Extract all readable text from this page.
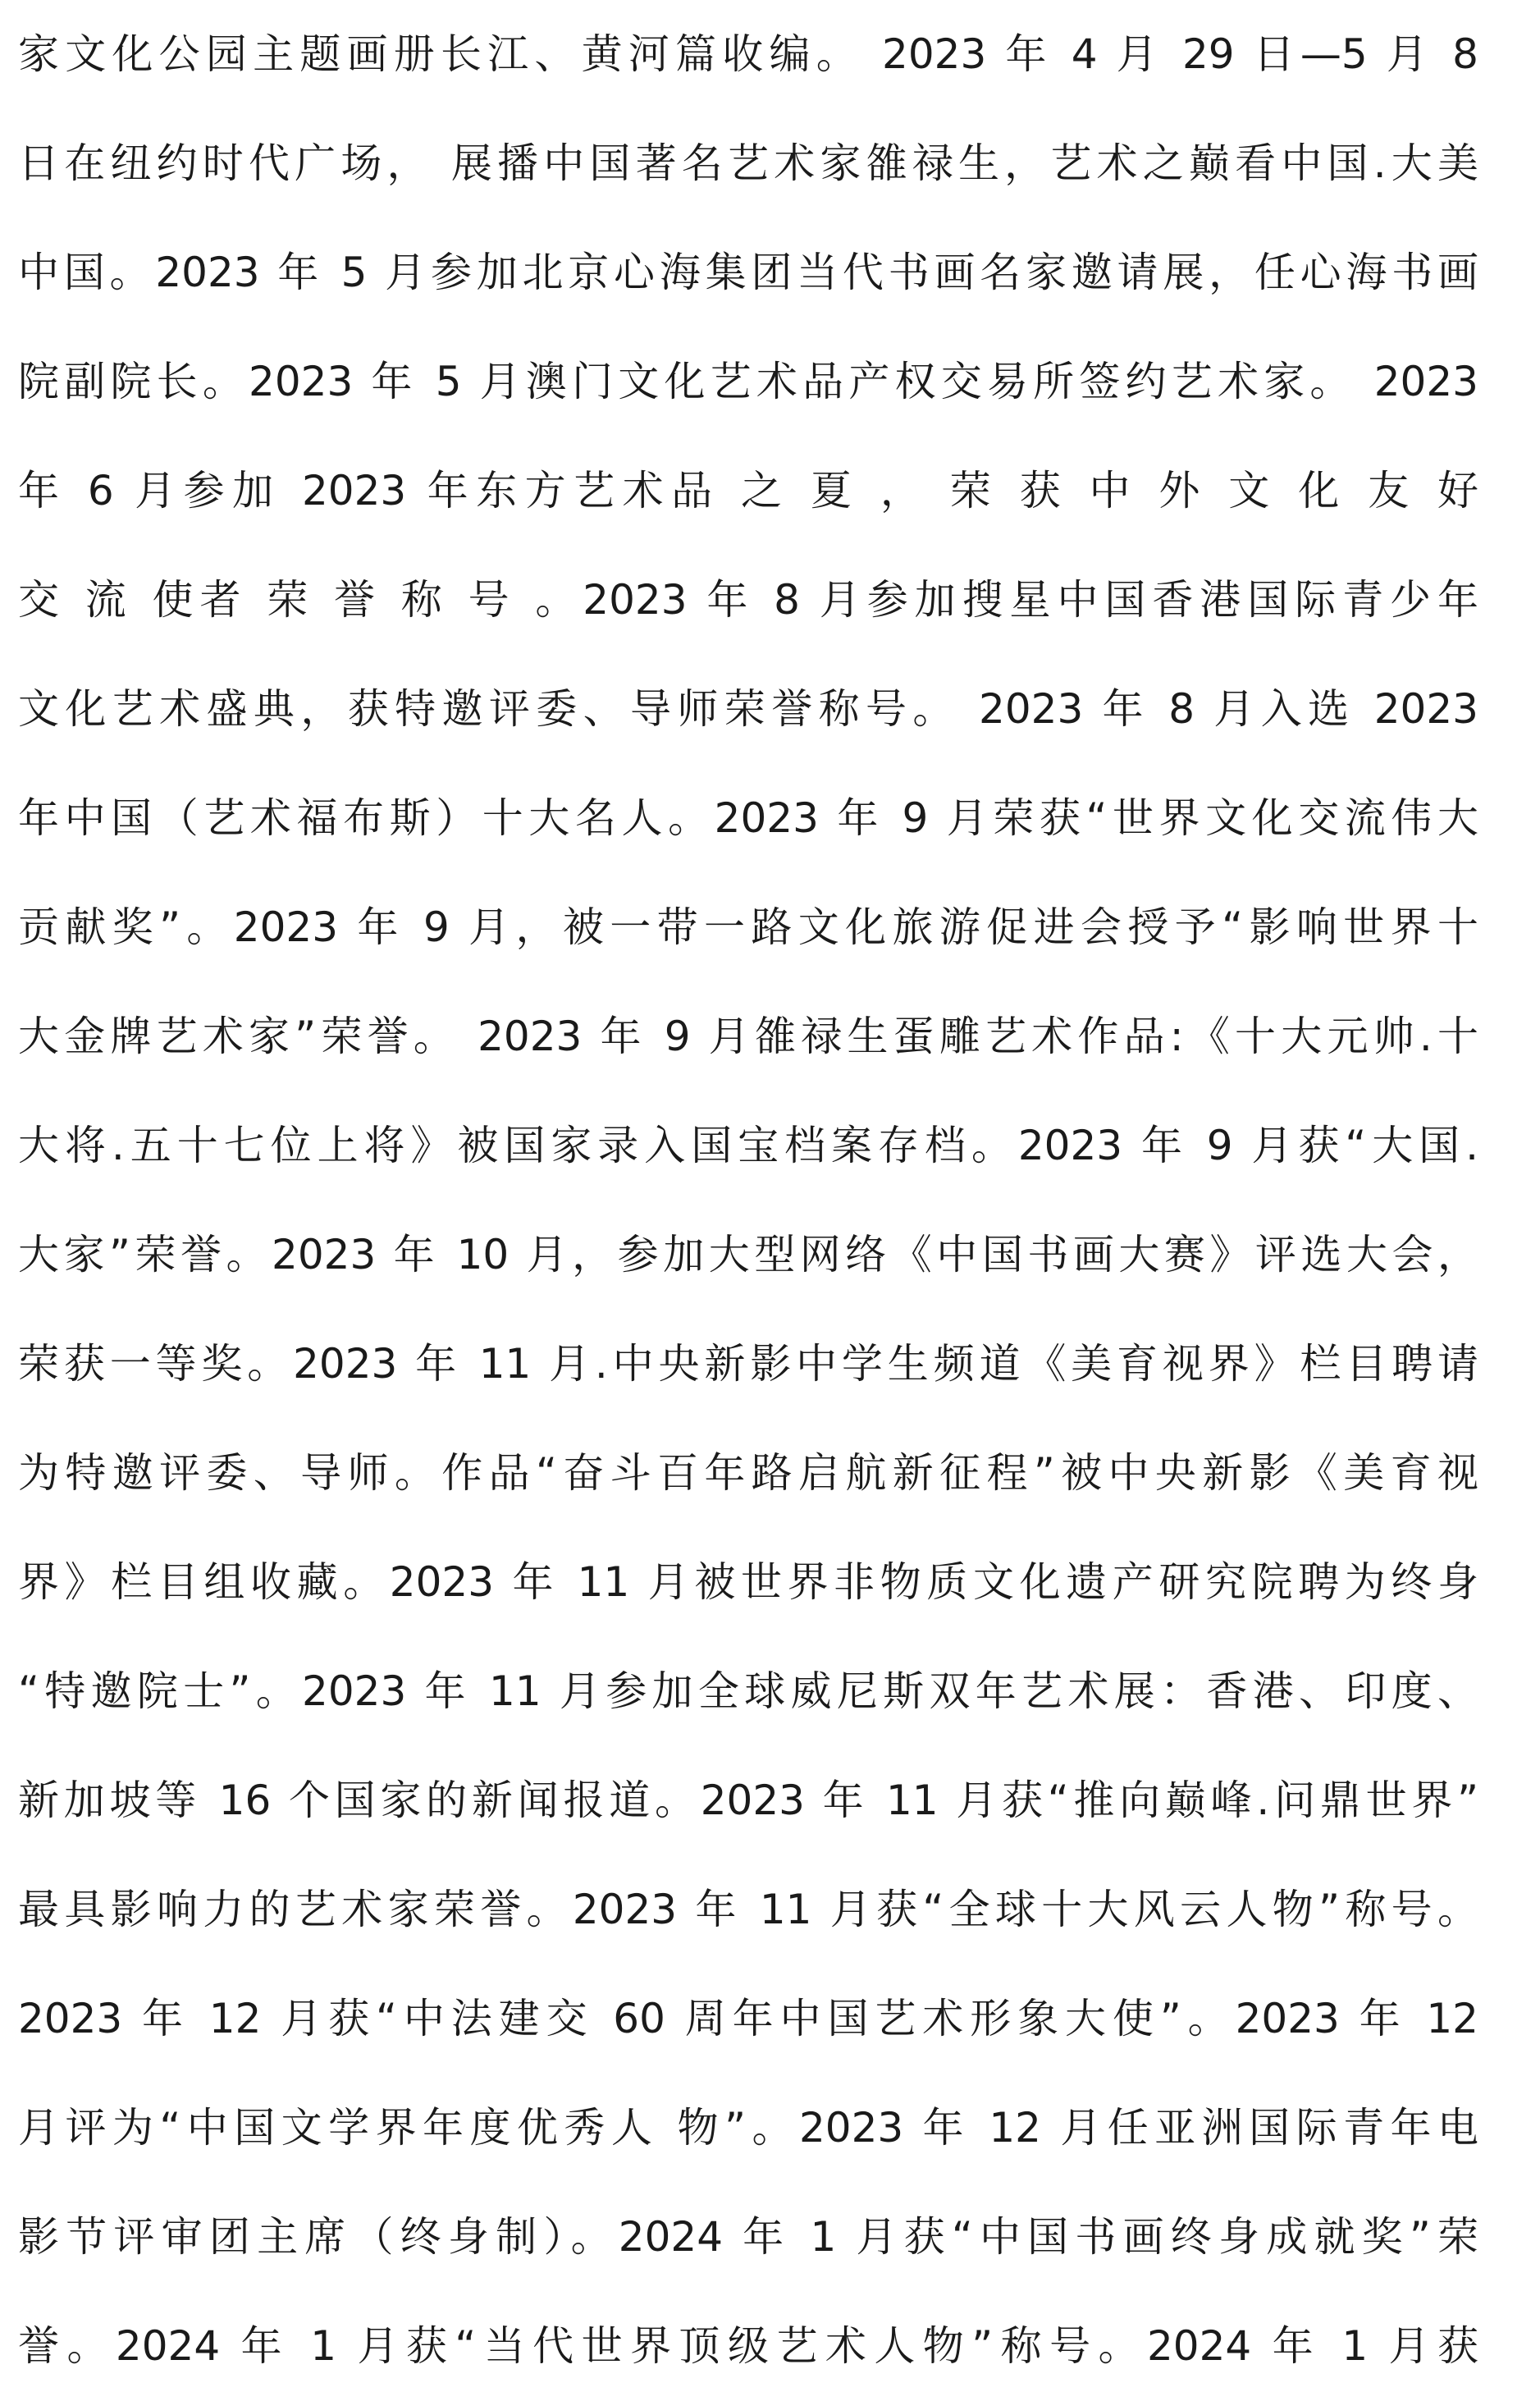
家文化公园主题画册长江、黄河篇收编。 2023 年 4 月 29 日—5 月 8
日在纽约时代广场， 展播中国著名艺术家雒禄生，艺术之巅看中国.大美
中国。2023 年 5 月参加北京心海集团当代书画名家邀请展，任心海书画
院副院长。2023 年 5 月澳门文化艺术品产权交易所签约艺术家。 2023
年 6 月参加 2023 年东方艺术品 之 夏 ， 荣 获 中 外 文 化 友 好
交 流 使者 荣 誉 称 号 。2023 年 8 月参加搜星中国香港国际青少年
文化艺术盛典，获特邀评委、导师荣誉称号。 2023 年 8 月入选 2023
年中国（艺术福布斯）十大名人。2023 年 9 月荣获“世界文化交流伟大
贡献奖”。2023 年 9 月，被一带一路文化旅游促进会授予“影响世界十
大金牌艺术家”荣誉。 2023 年 9 月雒禄生蛋雕艺术作品:《十大元帅.十
大将.五十七位上将》被国家录入国宝档案存档。2023 年 9 月获“大国.
大家”荣誉。2023 年 10 月，参加大型网络《中国书画大赛》评选大会，
荣获一等奖。2023 年 11 月.中央新影中学生频道《美育视界》栏目聘请
为特邀评委、导师。作品“奋斗百年路启航新征程”被中央新影《美育视
界》栏目组收藏。2023 年 11 月被世界非物质文化遗产研究院聘为终身
“特邀院士”。2023 年 11 月参加全球威尼斯双年艺术展：香港、印度、
新加坡等 16 个国家的新闻报道。2023 年 11 月获“推向巅峰.问鼎世界”
最具影响力的艺术家荣誉。2023 年 11 月获“全球十大风云人物”称号。
2023 年 12 月获“中法建交 60 周年中国艺术形象大使”。2023 年 12
月评为“中国文学界年度优秀人 物”。2023 年 12 月任亚洲国际青年电
影节评审团主席（终身制）。2024 年 1 月获“中国书画终身成就奖”荣
誉。2024 年 1 月获“当代世界顶级艺术人物”称号。2024 年 1 月获
